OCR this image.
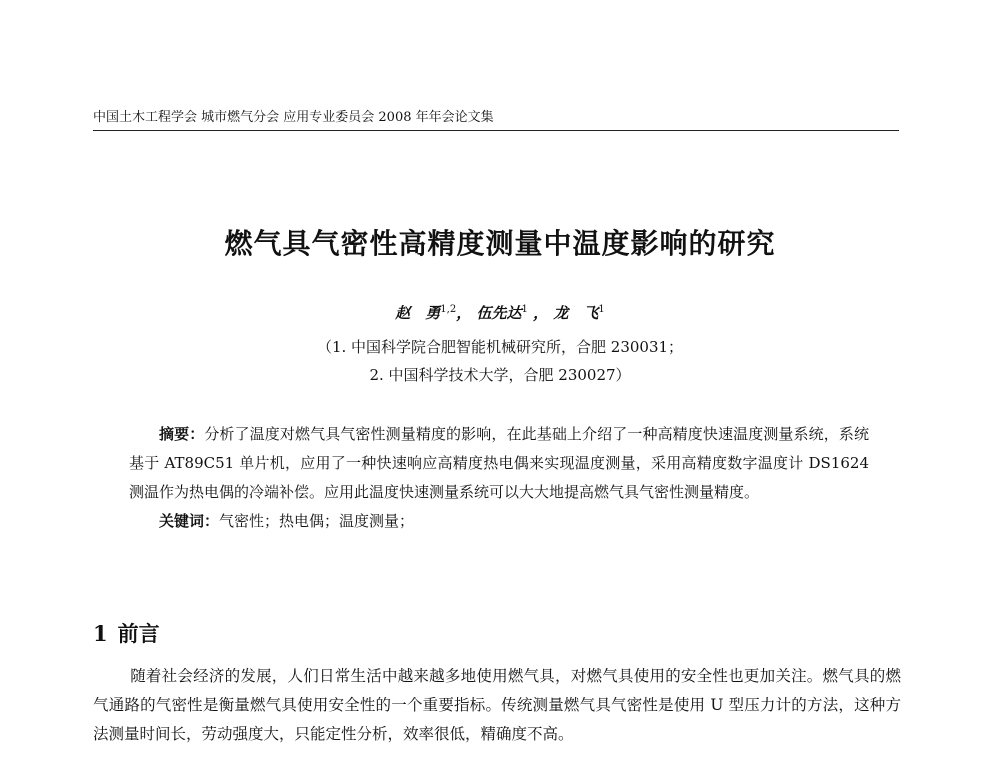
中国土木工程学会 城市燃气分会 应用专业委员会 2008 年年会论文集
燃气具气密性高精度测量中温度影响的研究
赵　勇$^{1,2}$， 伍先达$^1$ ， 龙　飞$^1$
（1. 中国科学院合肥智能机械研究所，合肥 230031；
2. 中国科学技术大学，合肥 230027）

摘要：分析了温度对燃气具气密性测量精度的影响，在此基础上介绍了一种高精度快速温度测量系统，系统基于 AT89C51 单片机，应用了一种快速响应高精度热电偶来实现温度测量，采用高精度数字温度计 DS1624 测温作为热电偶的冷端补偿。应用此温度快速测量系统可以大大地提高燃气具气密性测量精度。

关键词：气密性；热电偶；温度测量；

1 前言

随着社会经济的发展，人们日常生活中越来越多地使用燃气具，对燃气具使用的安全性也更加关注。燃气具的燃气通路的气密性是衡量燃气具使用安全性的一个重要指标。传统测量燃气具气密性是使用 U 型压力计的方法，这种方法测量时间长，劳动强度大，只能定性分析，效率很低，精确度不高。
